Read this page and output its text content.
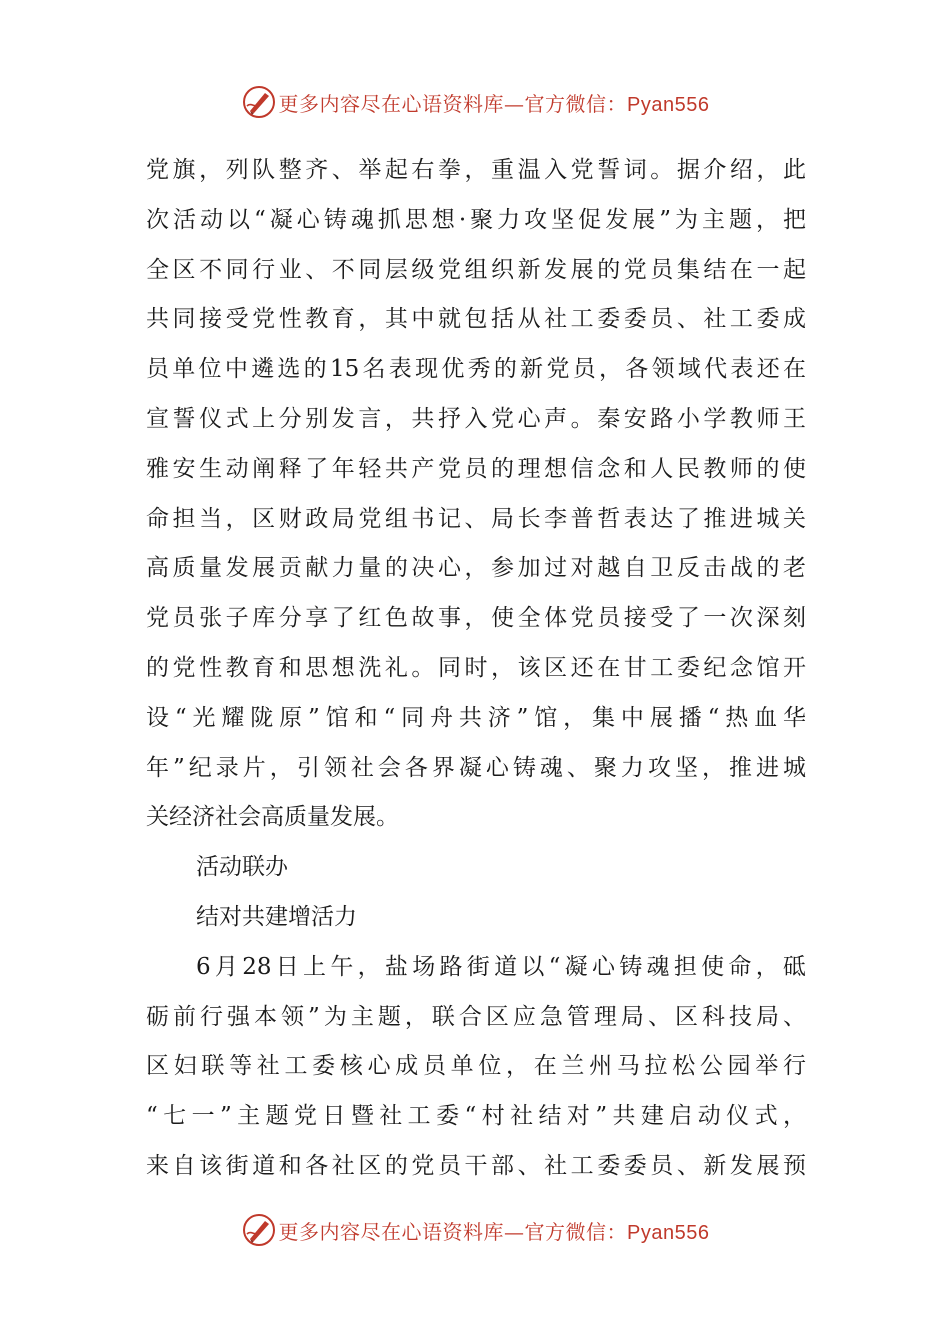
更多内容尽在心语资料库—官方微信：Pyan556
党旗，列队整齐、举起右拳，重温入党誓词。据介绍，此
次活动以“凝心铸魂抓思想·聚力攻坚促发展”为主题，把
全区不同行业、不同层级党组织新发展的党员集结在一起
共同接受党性教育，其中就包括从社工委委员、社工委成
员单位中遴选的15名表现优秀的新党员，各领域代表还在
宣誓仪式上分别发言，共抒入党心声。秦安路小学教师王
雅安生动阐释了年轻共产党员的理想信念和人民教师的使
命担当，区财政局党组书记、局长李普哲表达了推进城关
高质量发展贡献力量的决心，参加过对越自卫反击战的老
党员张子库分享了红色故事，使全体党员接受了一次深刻
的党性教育和思想洗礼。同时，该区还在甘工委纪念馆开
设“光耀陇原”馆和“同舟共济”馆，集中展播“热血华
年”纪录片，引领社会各界凝心铸魂、聚力攻坚，推进城
关经济社会高质量发展。
活动联办
结对共建增活力
6月28日上午，盐场路街道以“凝心铸魂担使命，砥
砺前行强本领”为主题，联合区应急管理局、区科技局、
区妇联等社工委核心成员单位，在兰州马拉松公园举行
“七一”主题党日暨社工委“村社结对”共建启动仪式，
来自该街道和各社区的党员干部、社工委委员、新发展预
更多内容尽在心语资料库—官方微信：Pyan556
